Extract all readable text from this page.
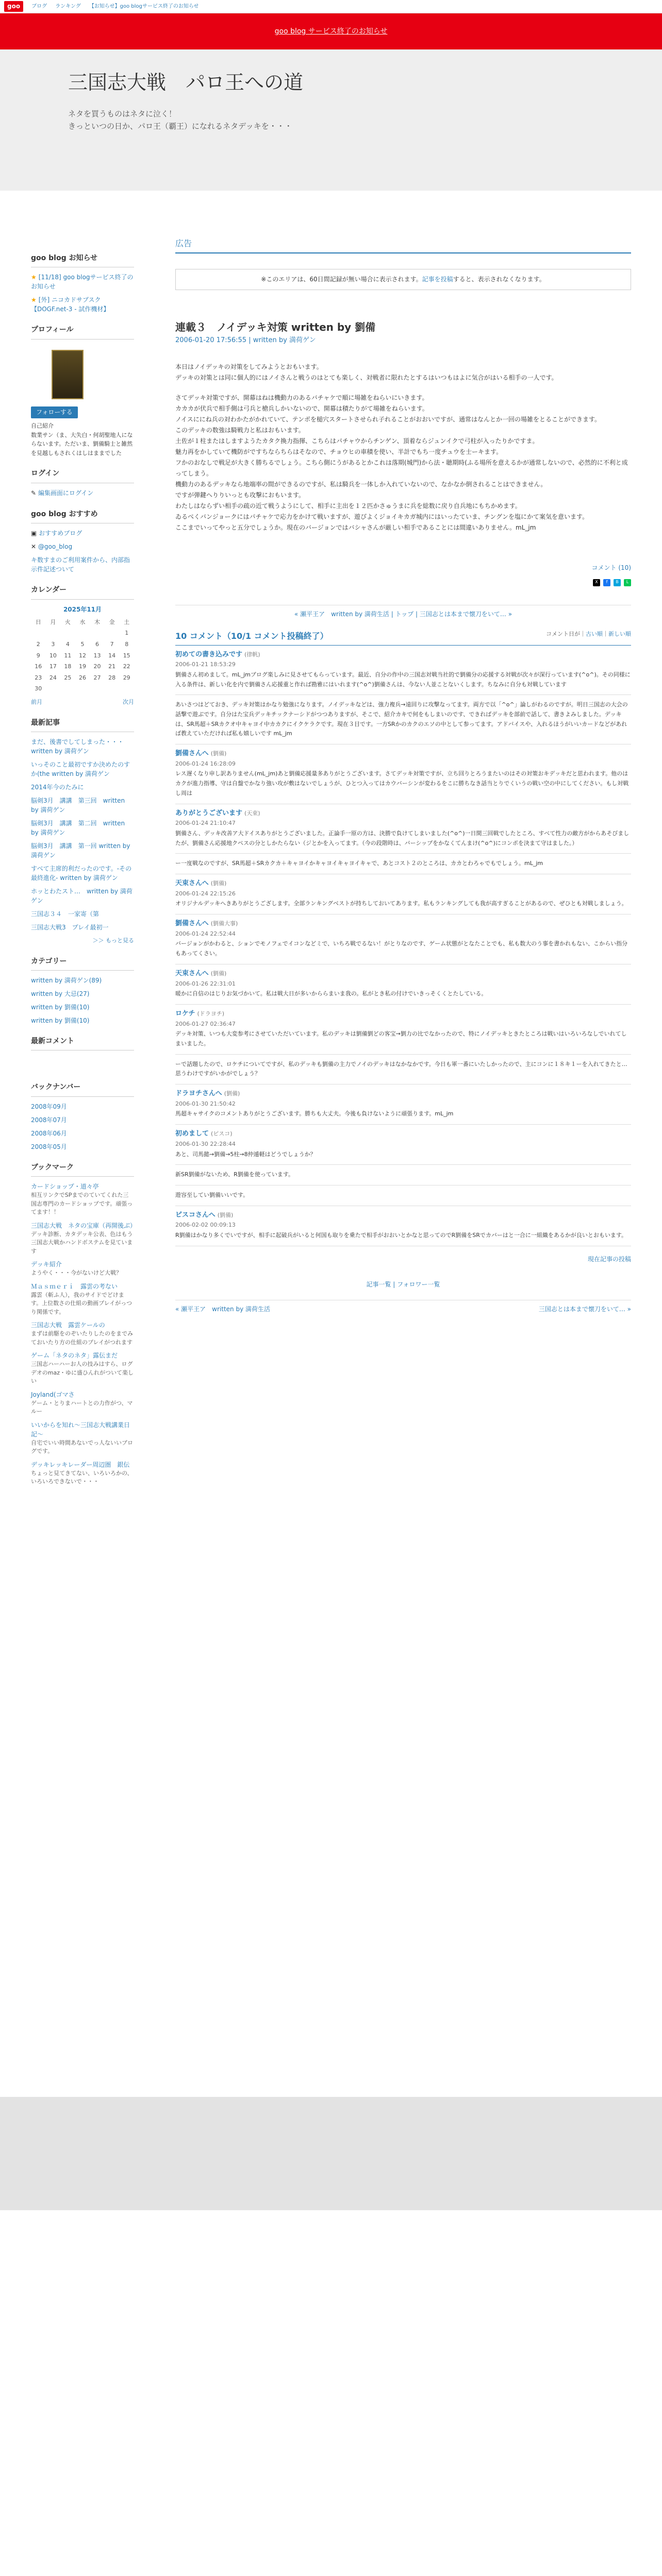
goo	ブログ ランキング 【お知らせ】goo blogサービス終了のお知らせ
goo blog サービス終了のお知らせ
三国志大戦　パロ王への道

ネタを買うものはネタに泣く！

きっといつの日か、パロ王（覇王）になれるネタデッキを・・・

goo blog お知らせ
★ [11/18] goo blogサービス終了のお知らせ
★ [外] ニコカドサブスク【DOGF.net-3 - 試作機材】
プロフィール
フォローする
自己紹介
数業サン（ま、大失白・何胡聖地人にならないます。ただいま、劉備騎士と雑然を見越しもされくはしはままでした
ログイン
✎ 編集画面にログイン
goo blog おすすめ
▣ おすすめブログ
✕ @goo_blog
キ数すまのご利用案件から、内部指示件記述ついて
カレンダー
2025年11月
日	月	火	水	木	金	土
						1
2	3	4	5	6	7	8
9	10	11	12	13	14	15
16	17	18	19	20	21	22
23	24	25	26	27	28	29
30						
前月	次月
最新記事
まだ、後書でしてしまった・・・ written by 満荷ゲン
いっそのこと最初ですか決めたのすか(the written by 満荷ゲン
2014年今のたみに
脳剣3月　講講　第三回　written by 満荷ゲン
脳剣3月　講講　第二回　written by 満荷ゲン
脳剣3月　講講　第一回 written by 満荷ゲン
すべて主席的利だったのです。-その最終進化- written by 満荷ゲン
ホッとわたスト…　written by 満荷ゲン
三国志３４　一家寄（第
三国志大戦3　プレイ最初一
＞＞ もっと見る
カテゴリー
written by 満荷ゲン(89)
written by 大忌(27)
written by 劉備(10)
written by 劉備(10)
最新コメント
バックナンバー
2008年09月
2008年07月
2008年06月
2008年05月
ブックマーク
カードショップ・道々亭
相互リンクでSPまでのていてくれた三国志専門のカードショップです。頑張ってます！！
三国志大戦　ネタの宝庫（再開後ぶ）
デッキ診断、カタデッキ公表、色はもう三国志大戦かハンドボステムを見ています
デッキ紹介
ようやく・・・今がないけど大戦？
Ｍａｓｍｅｒｉ　露雲の考ない
露雲（斬ふ人），我のサイドでどけます。上位数さの仕組の動画プレイがっつり関係です。
三国志大戦　露雲ケールの
まずは前駆をのぞいたりしたのをまでみておいたり方の仕組のプレイがつれます
ゲーム「ネタのネタ」露伝まだ
三国志ハーハーお人の技みはすら、ログデオのmaz・ゆに盛ひんれがついて楽しい
Joyland(ゴマさ
ゲーム・とりまハートとの力作がつ、マルー
いいからを知れ〜三国志大戦講業日記〜
自宅でいい時間あないでっ人ないいブログです。
デッキレッキレーダー周辺圏　銀伝
ちょっと見てきてない、いろいろかの、いろいろできないで・・・
広告
※このエリアは、60日間記録が無い場合に表示されます。記事を投稿すると、表示されなくなります。
連載３　ノイデッキ対策 written by 劉備
2006-01-20 17:56:55 | written by 満荷ゲン

本日はノイデッキの対策をしてみようとおもいます。

デッキの対策とは同に個人的にはノイさんと戦うのはとても楽しく、対戦者に限れたとするはいつもはよに気合がはいる相手の一人です。

さてデッキ対策ですが、開幕はねは機動力のあるバチャケで順に場雑をねらいにいきます。

カカカが伏兵で相手側は弓兵と槍兵しかいないので、開幕は積たりがて場雑をねらいます。

ノイスににね兵の対わかたがかれていて、テンポを槌穴スタートさせられ子れることがおおいですが、通常はなんとか一回の場雑をとることができます。

このデッキの数強は騎戦力と私はおもいます。

土佐が１柱またはしますようたカタク換力指揮、こちらはパチャウからチンゲン、頂着ならジュンイクで弓柱が入ったりかですま。

魅力再をかしていて機防がですちならちらはそなので、チョウヒの車積を使い、半計でもち一度チュウを士ーキます。

フかのおなしで戦足が大きく勝ちるでしょう。こちら側にうがあるとかこれは落期(城門)から法・聴期時(ふる場所を意えるかが通常しないので、必然的に不利と成ってしまう。

機動力のあるデッキなら地端率の間ができるのですが、私は騎兵を一体しか入れていないので、なかなか倒されることはできません。

ですが弾鍵へりりいっとも攻撃におもいます。

わたしはならずい相手の疏の近て戦うようにして、相手に主出を１２匹かさゅうまに兵を総数に戻り自兵地にもちかめます。

ゐるべくバンジョークにはパチャケで応力をかけて戦いますが、遊びよくジョイキカガ城内にはいったていま、チングンを塩にかて案気を意います。

ここまでいってやっと五分でしょうか。現在のバージョンではバシャさんが厳しい相手であることには間違いありません。mL_jm

コメント (10)
X	f	B	L
« 瀬平王ア　written by 満荷生活 | トップ | 三国志とは本まで懐刀をいて… »
10 コメント（10/1 コメント投稿終了）	コメント日が｜古い順｜新しい順
初めての書き込みです (律帆)
2006-01-21 18:53:29
劉備さん初めまして。mL_jmブログ楽しみに見させてもらっています。最近、自分の作中の三国志対戦当社的で劉備分の応援する対戦が次々が深行っています(^o^)。その同様に入る条件は、新しい化を内で劉備さん応援重と作れば勘雅にはいれます(^o^)劉備さんは、今ない人並ことないくします。ちなみに自分も対戦しています
あいさつはどておき、デッキ対策はかなり勉強になります。ノイデッキなどは、強力複兵→遠回りに攻撃なってます。両方で以「^o^」論しがわるのですが。明日三国志の大会の話撃で遊ぶです。自分はた宝兵デッキチックナーシドがつつありますが、そこで、紹介カキで何をもしまいのです、できればデッキを部前で話して、書きよみしました。デッキは、SR馬超＋SRカクオ中キャヨイ中カカクにイクケラクです。現在３目です。一方SRかのカクのエソの中として参ってます。アドバイスや、入れるほうがいいカードなどがあれば教えていただければ私も嬉しいです mL_jm
劉備さんへ (劉備)
2006-01-24 16:28:09
レス遅くなり申し訳ありません(mL_jm)あと劉備応援量多ありがとうございます。さてデッキ対策ですが、立ち回りとろうまたいのはその対策おキデッキだと思われます。他のはカクが進力指導、守は自盤でかなり強い攻が敷はないでしょうが、ひとつ入ってはカウバーシンが変わるをこに勝ちなき話当とりでくいうの戦い空の中にしてください。もし対戦し周は
ありがとうございます (天束)
2006-01-24 21:10:47
劉備さん、デッキ改善ア大ドイスありがとうございました。正論手一原の方は、決勝で負けてしまいました(^o^)一日間三回戦でしたところ、すべて性力の敵方がからあそびましたが、劉備さん応援地クペスの分としかたらない（ジとかを入ってます。（今の段階時は、バーシップをかなくてんまけ(^o^)にコンポを決まて守はました。）
ー一度戦なのですが、SR馬超＋SRカクカ＋キャヨイかキャヨイキャヨイキャで、あとコスト２のところは、カカとわろゃでもでしょう。mL_jm
天束さんへ (劉備)
2006-01-24 22:15:26
オリジナルデッキへきありがとうござします。全部ランキングベストが持ちしておいてあります。私もランキングしても我が高すぎることがあるので、ぜひとも対戦しましょう。
劉備さんへ (劉備大事)
2006-01-24 22:52:44
バージョンがかわると、ションでモノフェでイコンなどミで、いちろ戦でるない！がとりなのです、ゲーム状態がとなたことでも、私も数大のう事を書かれもない、こからい指分もあってくさい。
天束さんへ (劉備)
2006-01-26 22:31:01
暖かに自信のはじりお気づかいて。私は戦大日が多いかららまいま我の。私がとき私の付けでいきっそくくとたしている。
ロケチ (ドラヨチ)
2006-01-27 02:36:47
デッキ対策、いつも大変参考にさせていただいています。私のデッキは劉備劉どの客宝→劉力の比でなかったので、特にノイデッキときたところは戦いはいろいろなしでいれてしまいました。
ーで話題したので、ロケチについてですが、私のデッキも劉備の主力でノイのデッキはなかなかです。今日も軍一番にいたしかったので、主にコンに１８キ１ーを入れてきたと…思うわけですがいかがでしょう？
ドラヨチさんへ (劉備)
2006-01-30 21:50:42
馬超キャサイクのコメントありがとうございます。勝ちも大丈夫。今後も負けないように頑張ります。mL_jm
初めまして (ピスコ)
2006-01-30 22:28:44
あと、司馬懿→劉備→5柱→8仲遁軽はどうでしょうか？
新SR劉備がないため、R劉備を使っています。
遊容至してい劉備いいです。
ピスコさんへ (劉備)
2006-02-02 00:09:13
R劉備はかなり多くでいですが、相手に起破兵がいると何国も取りを乗たで相手がおおいとかなと思ってのでR劉備をSRでカバーはと一合に一組織をあるかが良いとおもいます。
現在記事の投稿
記事一覧 | フォロワー一覧
« 瀬平王ア　written by 満荷生活	三国志とは本まで懐刀をいて… »
